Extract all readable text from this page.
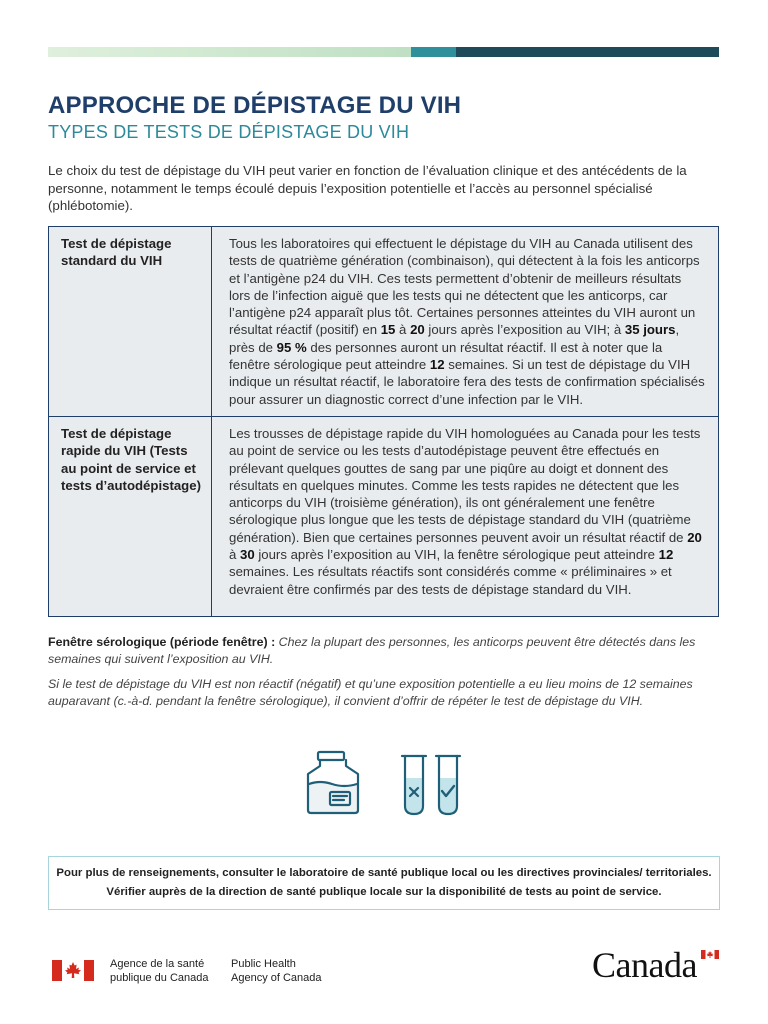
APPROCHE DE DÉPISTAGE DU VIH
TYPES DE TESTS DE DÉPISTAGE DU VIH

Le choix du test de dépistage du VIH peut varier en fonction de l’évaluation clinique et des antécédents de la personne, notamment le temps écoulé depuis l’exposition potentielle et l’accès au personnel spécialisé (phlébotomie).

Test de dépistage standard du VIH	Tous les laboratoires qui effectuent le dépistage du VIH au Canada utilisent des tests de quatrième génération (combinaison), qui détectent à la fois les anticorps et l’antigène p24 du VIH. Ces tests permettent d’obtenir de meilleurs résultats lors de l’infection aiguë que les tests qui ne détectent que les anticorps, car l’antigène p24 apparaît plus tôt. Certaines personnes atteintes du VIH auront un résultat réactif (positif) en 15 à 20 jours après l’exposition au VIH; à 35 jours, près de 95 % des personnes auront un résultat réactif. Il est à noter que la fenêtre sérologique peut atteindre 12 semaines. Si un test de dépistage du VIH indique un résultat réactif, le laboratoire fera des tests de confirmation spécialisés pour assurer un diagnostic correct d’une infection par le VIH.
Test de dépistage rapide du VIH (Tests au point de service et tests d’autodépistage)	Les trousses de dépistage rapide du VIH homologuées au Canada pour les tests au point de service ou les tests d’autodépistage peuvent être effectués en prélevant quelques gouttes de sang par une piqûre au doigt et donnent des résultats en quelques minutes. Comme les tests rapides ne détectent que les anticorps du VIH (troisième génération), ils ont généralement une fenêtre sérologique plus longue que les tests de dépistage standard du VIH (quatrième génération). Bien que certaines personnes peuvent avoir un résultat réactif de 20 à 30 jours après l’exposition au VIH, la fenêtre sérologique peut atteindre 12 semaines. Les résultats réactifs sont considérés comme « préliminaires » et devraient être confirmés par des tests de dépistage standard du VIH.

Fenêtre sérologique (période fenêtre) : Chez la plupart des personnes, les anticorps peuvent être détectés dans les semaines qui suivent l’exposition au VIH.

Si le test de dépistage du VIH est non réactif (négatif) et qu’une exposition potentielle a eu lieu moins de 12 semaines auparavant (c.-à-d. pendant la fenêtre sérologique), il convient d’offrir de répéter le test de dépistage du VIH.

Pour plus de renseignements, consulter le laboratoire de santé publique local ou les directives provinciales/ territoriales. Vérifier auprès de la direction de santé publique locale sur la disponibilité de tests au point de service.

Agence de la santé
publique du Canada

Public Health
Agency of Canada	Canada
